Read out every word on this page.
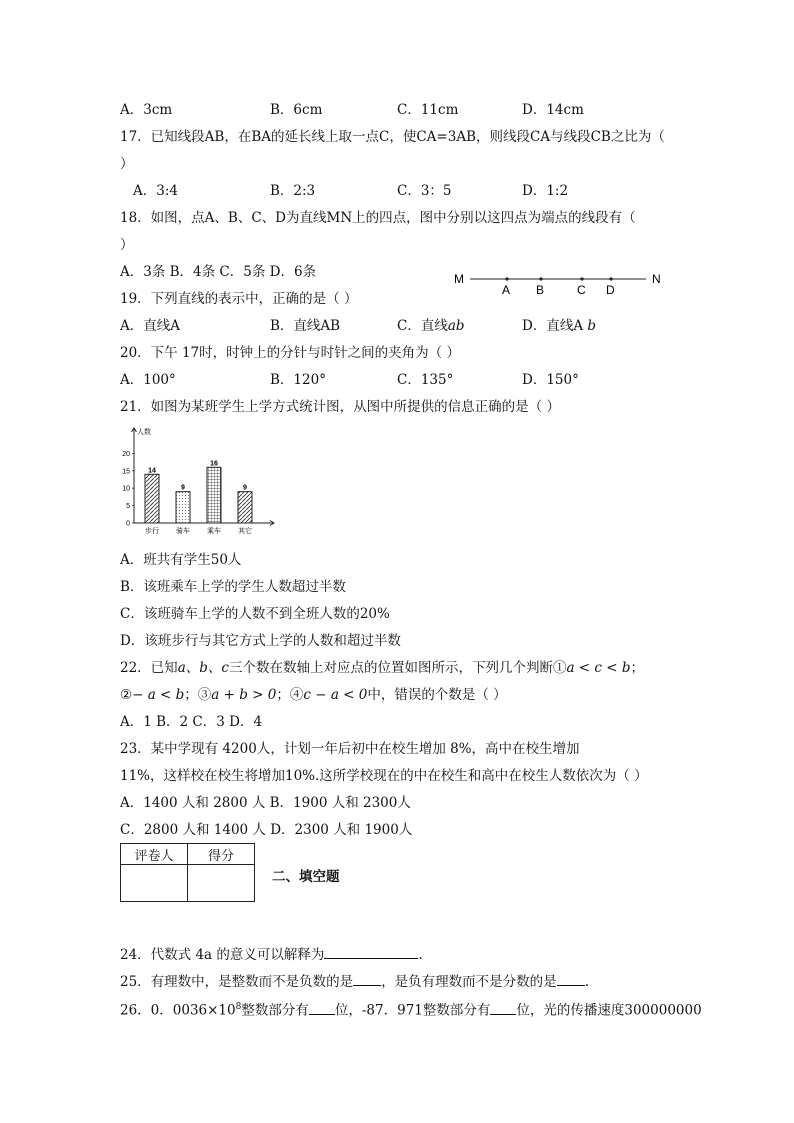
A．3cm	B．6cm	C．11cm	D．14cm
17．已知线段AB，在BA的延长线上取一点C，使CA=3AB，则线段CA与线段CB之比为（
）
A．3:4	B．2:3	C．3：5	D．1:2
18．如图，点A、B、C、D为直线MN上的四点，图中分别以这四点为端点的线段有（
）
A．3条 B．4条 C．5条 D．6条	M	N
A B	C D
19．下列直线的表示中，正确的是（ ）
A．直线A	B．直线AB	C．直线ab	D．直线A b
20．下午 17时，时钟上的分针与时针之间的夹角为（ ）
A．100°	B．120°	C．135°	D．150°
21．如图为某班学生上学方式统计图，从图中所提供的信息正确的是（ ）
人数
0
5
10
15
20
14
步行
9
骑车
16
乘车
9
其它
A．班共有学生50人
B．该班乘车上学的学生人数超过半数
C．该班骑车上学的人数不到全班人数的20%
D．该班步行与其它方式上学的人数和超过半数
22．已知a、b、c三个数在数轴上对应点的位置如图所示，下列几个判断①a < c < b；
②− a < b；③a + b > 0；④c − a < 0中，错误的个数是（ ）
A．1 B．2 C．3 D．4
23．某中学现有 4200人，计划一年后初中在校生增加 8%，高中在校生增加
11%，这样校在校生将增加10%.这所学校现在的中在校生和高中在校生人数依次为（ ）
A．1400 人和 2800 人 B．1900 人和 2300人
C．2800 人和 1400 人 D．2300 人和 1900人
评卷人	得分

二、填空题
24．代数式 4a 的意义可以解释为	.
25．有理数中，是整数而不是负数的是 ，是负有理数而不是分数的是 .
26．0．$0036\times 10^8$整数部分有 位，-87．971整数部分有 位，光的传播速度300000000
